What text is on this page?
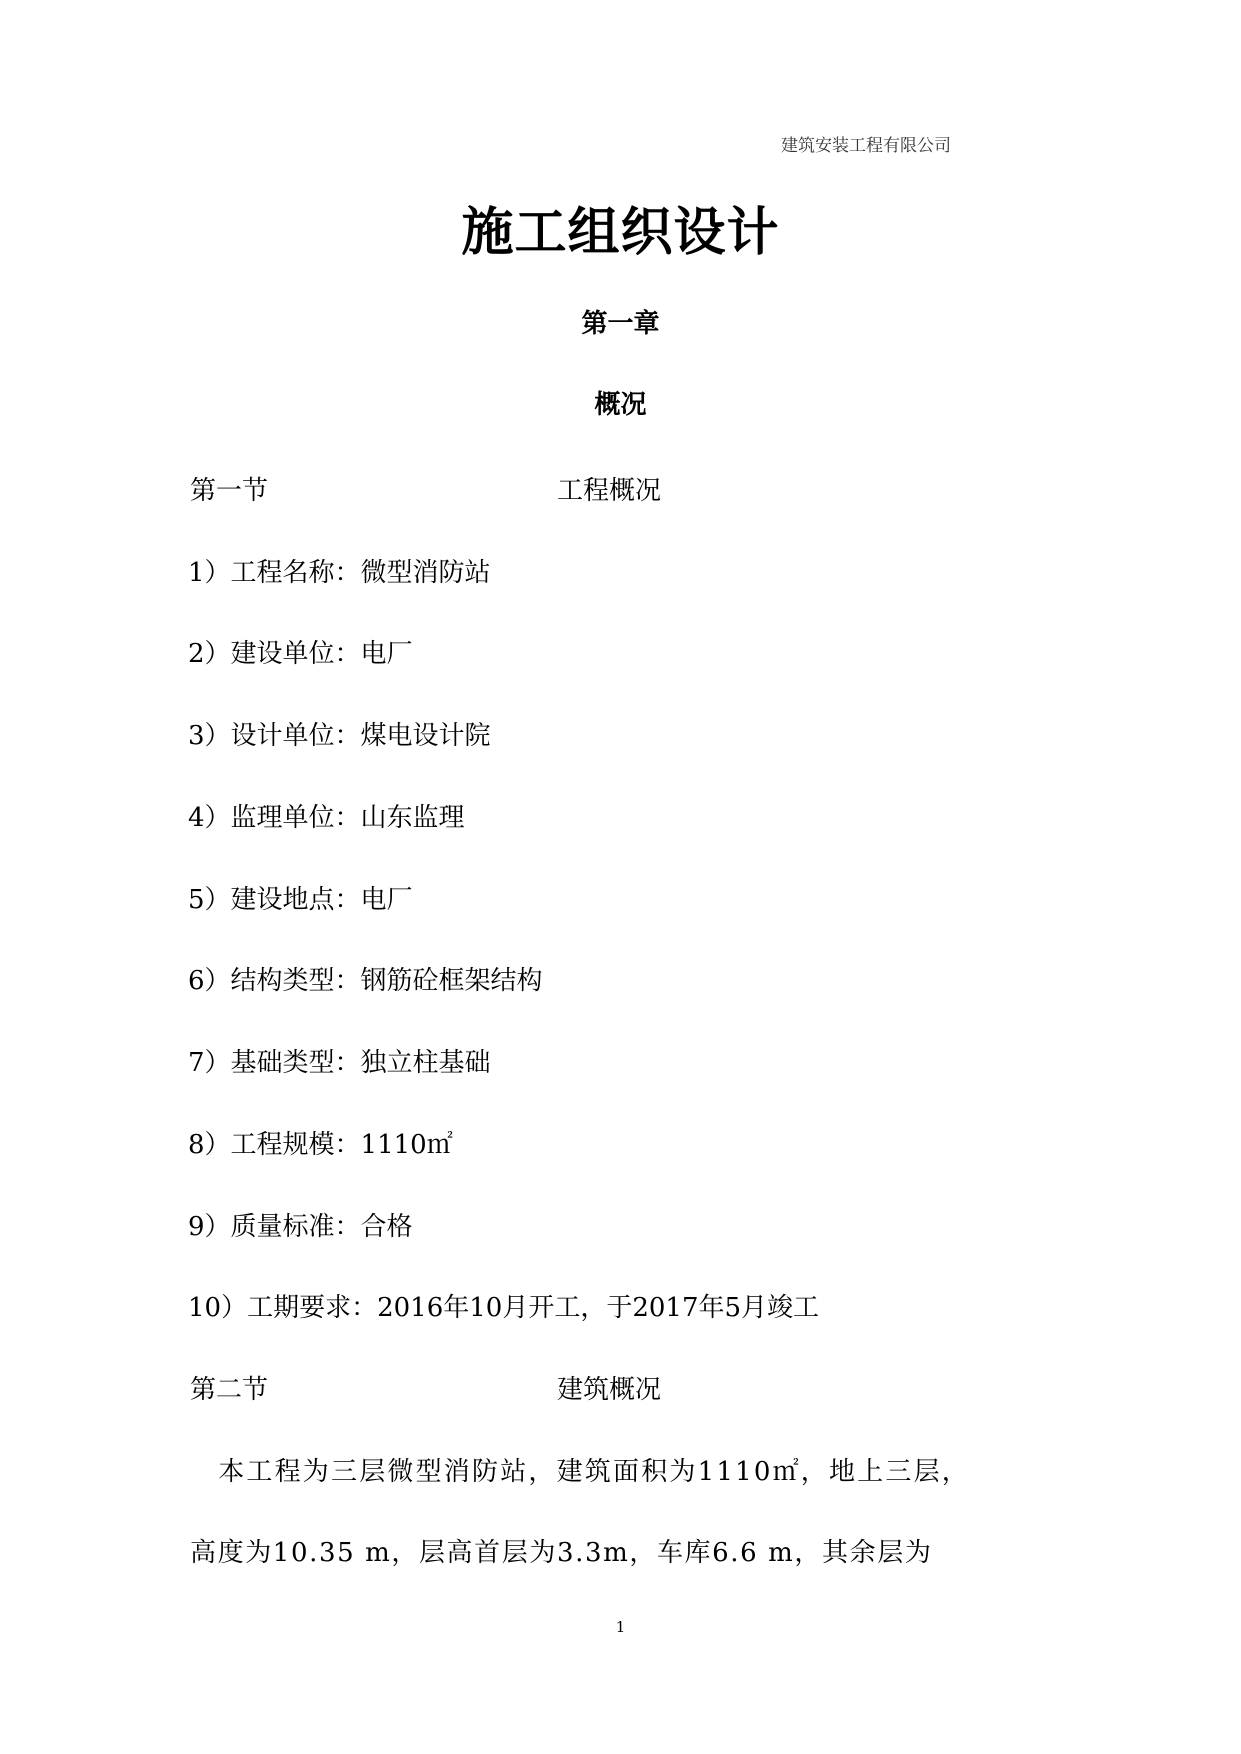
建筑安装工程有限公司
施工组织设计
第一章
概况
第一节	工程概况
1）工程名称：微型消防站
2）建设单位：电厂
3）设计单位：煤电设计院
4）监理单位：山东监理
5）建设地点：电厂
6）结构类型：钢筋砼框架结构
7）基础类型：独立柱基础
8）工程规模：1110㎡
9）质量标准：合格
10）工期要求：2016年10月开工，于2017年5月竣工
第二节	建筑概况
　本工程为三层微型消防站，建筑面积为1110㎡，地上三层，
高度为10.35 m，层高首层为3.3m，车库6.6 m，其余层为
1
